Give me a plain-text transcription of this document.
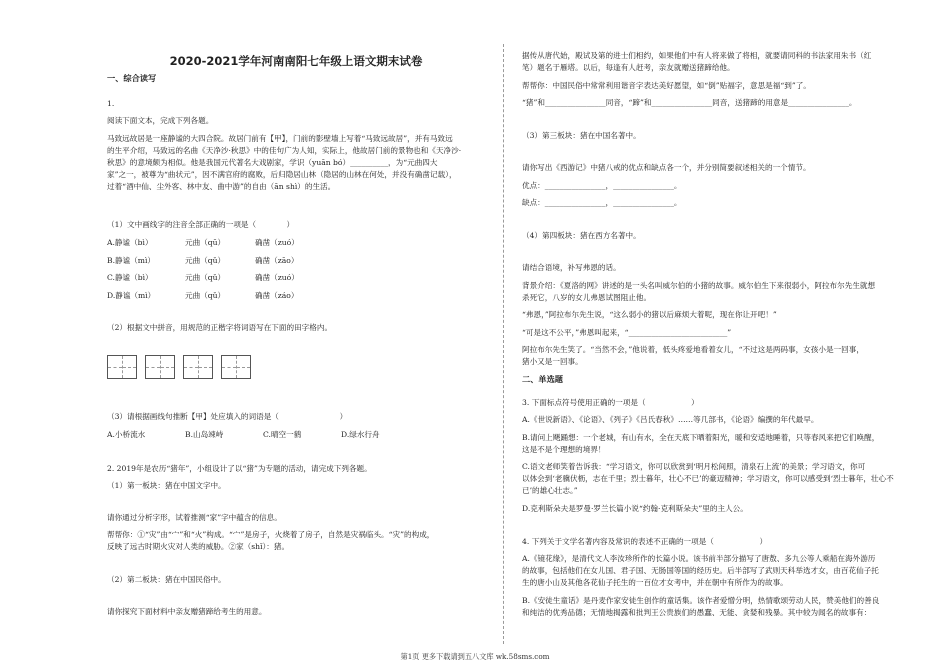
2020-2021学年河南南阳七年级上语文期末试卷
一、综合读写
1.
阅读下面文本，完成下列各题。
马致远故居是一座静谧的大四合院。故居门前有【甲】，门前的影壁墙上写着“马致远故居”，并有马致远
的生平介绍，马致远的名曲《天净沙·秋思》中的佳句广为人知，实际上，他故居门前的景物也和《天净沙·
秋思》的意境颇为相似。他是我国元代著名大戏剧家，学识（yuān bó）__________，为“元曲四大
家”之一，被尊为“曲状元”，因不满官府的腐败，后归隐居山林（隐居的山林在何处，并没有确凿记载），
过着“酒中仙、尘外客、林中友、曲中游”的自由（ān shì）的生活。
（1）文中画线字的注音全部正确的一项是（　　　　）
A.静谧（bì）	元曲（qū）	确凿（zuó）
B.静谧（mì）	元曲（qǔ）	确凿（zāo）
C.静谧（bì）	元曲（qǔ）	确凿（zuó）
D.静谧（mì）	元曲（qǔ）	确凿（záo）
（2）根据文中拼音，用规范的正楷字将词语写在下面的田字格内。
（3）请根据画线句推断【甲】处应填入的词语是（　　　　　　　　）
A.小桥流水	B.山岛竦峙	C.晴空一鹤	D.绿水行舟
2. 2019年是农历“猪年”，小组设计了以“猪”为专题的活动，请完成下列各题。
（1）第一板块：猪在中国文字中。
请你通过分析字形，试着推测“家”字中蕴含的信息。
帮帮你：①“灾”由“宀”和“火”构成。“宀”是房子，火烧着了房子，自然是灾祸临头。“灾”的构成，
反映了远古时期火灾对人类的威胁。②家（shǐ）：猪。
（2）第二板块：猪在中国民俗中。
请你探究下面材料中亲友赠猪蹄给考生的用意。
据传从唐代始，殿试及第的进士们相约，如果他们中有人将来做了将相，就要请同科的书法家用朱书（红
笔）题名于雁塔。以后，每逢有人赶考，亲友就赠送猪蹄给他。
帮帮你：中国民俗中常常利用谐音字表达美好愿望，如“倒”贴福字，意思是福“到”了。
“猪”和________________同音，“蹄”和________________同音，送猪蹄的用意是________________。
（3）第三板块：猪在中国名著中。
请你写出《西游记》中猪八戒的优点和缺点各一个，并分别简要叙述相关的一个情节。
优点：________________，________________。
缺点：________________，________________。
（4）第四板块：猪在西方名著中。
请结合语境，补写弗恩的话。
背景介绍：《夏洛的网》讲述的是一头名叫威尔伯的小猪的故事。威尔伯生下来很弱小，阿拉布尔先生就想
杀死它，八岁的女儿弗恩试图阻止他。
“弗恩，”阿拉布尔先生说，“这么弱小的猪以后麻烦大着呢，现在你让开吧！”
“可是这不公平，”弗恩叫起来，“__________________________”
阿拉布尔先生笑了。“当然不会，”他说着，低头疼爱地看着女儿，“不过这是两码事，女孩小是一回事，
猪小又是一回事。
二、单选题
3. 下面标点符号使用正确的一项是（　　　　　　）
A.《世说新语》、《论语》、《列子》《吕氏春秋》……等几部书，《论语》编撰的年代最早。
B.请问上飓踊想：一个老城，有山有水，全在天底下晒着阳光，暖和安适地睡着，只等春风来把它们唤醒，
这是不是个理想的境界！
C.语文老师笑着告诉我：“学习语文，你可以欣赏到‘明月松间照，清泉石上流’的美景；学习语文，你可
以体会到‘老骥伏枥，志在千里；烈士暮年，壮心不已’的豪迈精神；学习语文，你可以感受到‘烈士暮年，壮心不
已’的雄心壮志。”
D.克利斯朵夫是罗曼·罗兰长篇小说“约翰·克利斯朵夫”里的主人公。
4. 下列关于文学名著内容及常识的表述不正确的一项是（　　　　　　）
A.《镜花缘》，是清代文人李汝珍所作的长篇小说。该书前半部分描写了唐敖、多九公等人乘船在海外游历
的故事，包括他们在女儿国、君子国、无肠国等国的经历史。后半部写了武则天科举选才女，由百花仙子托
生的唐小山及其他各花仙子托生的一百位才女考中，并在朝中有所作为的故事。
B.《安徒生童话》是丹麦作家安徒生创作的童话集。该作者爱憎分明，热情歌颂劳动人民，赞美他们的善良
和纯洁的优秀品德；无情地揭露和批判王公贵族们的愚蠢、无能、贪婪和残暴。其中较为闻名的故事有：
第1页 更多下载请到五八文库 wk.58sms.com
